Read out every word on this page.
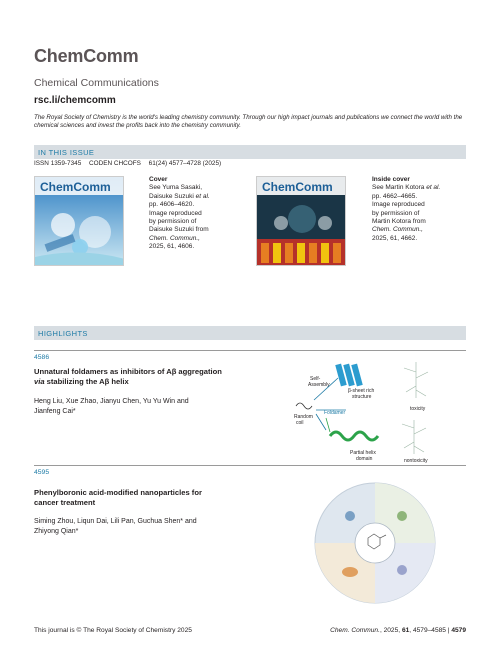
ChemComm
Chemical Communications
rsc.li/chemcomm
The Royal Society of Chemistry is the world's leading chemistry community. Through our high impact journals and publications we connect the world with the chemical sciences and invest the profits back into the chemistry community.
IN THIS ISSUE
ISSN 1359-7345 CODEN CHCOFS 61(24) 4577–4728 (2025)
ChemComm
Cover
See Yuma Sasaki,
Daisuke Suzuki et al.
pp. 4606–4620.
Image reproduced
by permission of
Daisuke Suzuki from
Chem. Commun.,
2025, 61, 4606.
ChemComm
Inside cover
See Martin Kotora et al.
pp. 4662–4665.
Image reproduced
by permission of
Martin Kotora from
Chem. Commun.,
2025, 61, 4662.
HIGHLIGHTS
4586
Unnatural foldamers as inhibitors of Aβ aggregation
via stabilizing the Aβ helix
Heng Liu, Xue Zhao, Jianyu Chen, Yu Yu Win and
Jianfeng Cai*
Self-
Assembly
Random
coil
β-sheet rich
structure
toxicity
Foldamer
Partial helix
domain	nontoxicity
4595
Phenylboronic acid-modified nanoparticles for
cancer treatment
Siming Zhou, Liqun Dai, Lili Pan, Guchua Shen* and
Zhiyong Qian*
This journal is © The Royal Society of Chemistry 2025	Chem. Commun., 2025, 61, 4579–4585 | 4579
